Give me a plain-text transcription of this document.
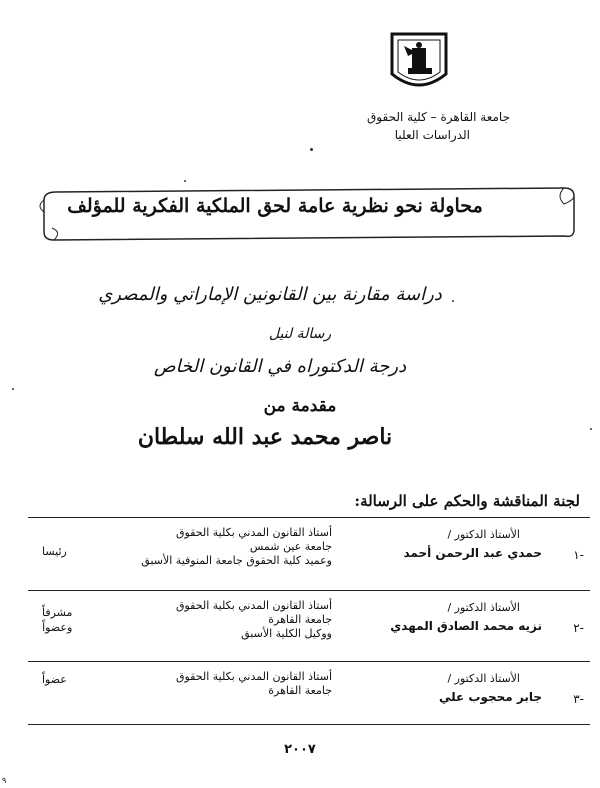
جامعة القاهرة – كلية الحقوق
الدراسات العليا
محاولة نحو نظرية عامة لحق الملكية الفكرية للمؤلف
دراسة مقارنة بين القانونين الإماراتي والمصري
رسالة لنيل
درجة الدكتوراه في القانون الخاص
مقدمة من
ناصر محمد عبد الله سلطان
لجنة المناقشة والحكم على الرسالة:
-١
الأستاذ الدكتور /
حمدي عبد الرحمن أحمد
أستاذ القانون المدني بكلية الحقوق
جامعة عين شمس
وعميد كلية الحقوق جامعة المنوفية الأسبق
رئيسا
-٢
الأستاذ الدكتور /
نزيه محمد الصادق المهدي
أستاذ القانون المدني بكلية الحقوق
جامعة القاهرة
ووكيل الكلية الأسبق
مشرفاً
وعضواً
-٣
الأستاذ الدكتور /
جابر محجوب علي
أستاذ القانون المدني بكلية الحقوق
جامعة القاهرة
عضواً
٢٠٠٧
٩
